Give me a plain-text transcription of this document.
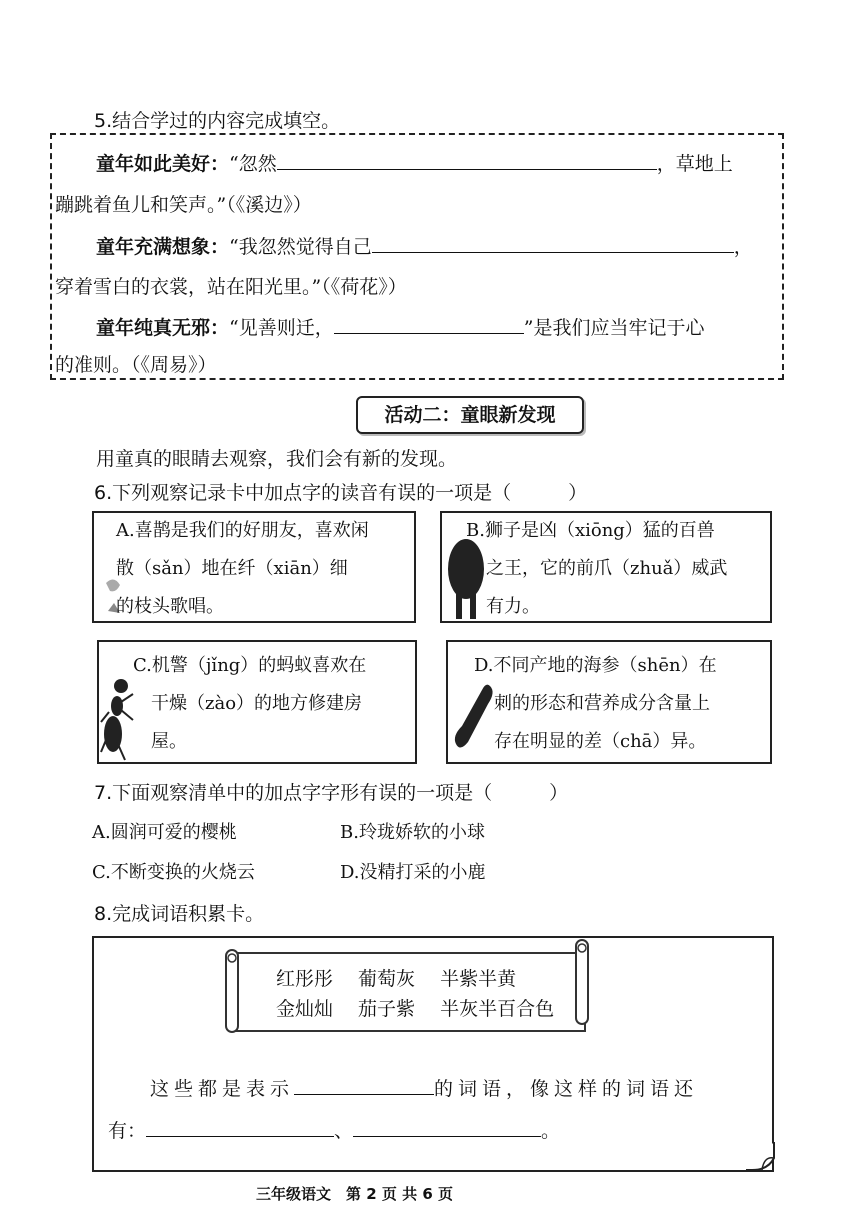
5.结合学过的内容完成填空。
童年如此美好：“忽然	，草地上
蹦跳着鱼儿和笑声。”（《溪边》）
童年充满想象：“我忽然觉得自己	，
穿着雪白的衣裳，站在阳光里。”（《荷花》）
童年纯真无邪：“见善则迁，	”是我们应当牢记于心
的准则。（《周易》）
活动二：童眼新发现
用童真的眼睛去观察，我们会有新的发现。
6.下列观察记录卡中加点字的读音有误的一项是（　　　）
A.喜鹊是我们的好朋友，喜欢闲
散（sǎn）地在纤（xiān）细
的枝头歌唱。
B.狮子是凶（xiōng）猛的百兽
之王，它的前爪（zhuǎ）威武
有力。
C.机警（jǐng）的蚂蚁喜欢在
干燥（zào）的地方修建房
屋。
D.不同产地的海参（shēn）在
刺的形态和营养成分含量上
存在明显的差（chā）异。
7.下面观察清单中的加点字字形有误的一项是（　　　）
A.圆润可爱的樱桃	B.玲珑娇软的小球
C.不断变换的火烧云	D.没精打采的小鹿
8.完成词语积累卡。
红彤彤　 葡萄灰　 半紫半黄
金灿灿　 茄子紫　 半灰半百合色
这些都是表示	的词语，像这样的词语还
有：	、	。
三年级语文　第 2 页 共 6 页
